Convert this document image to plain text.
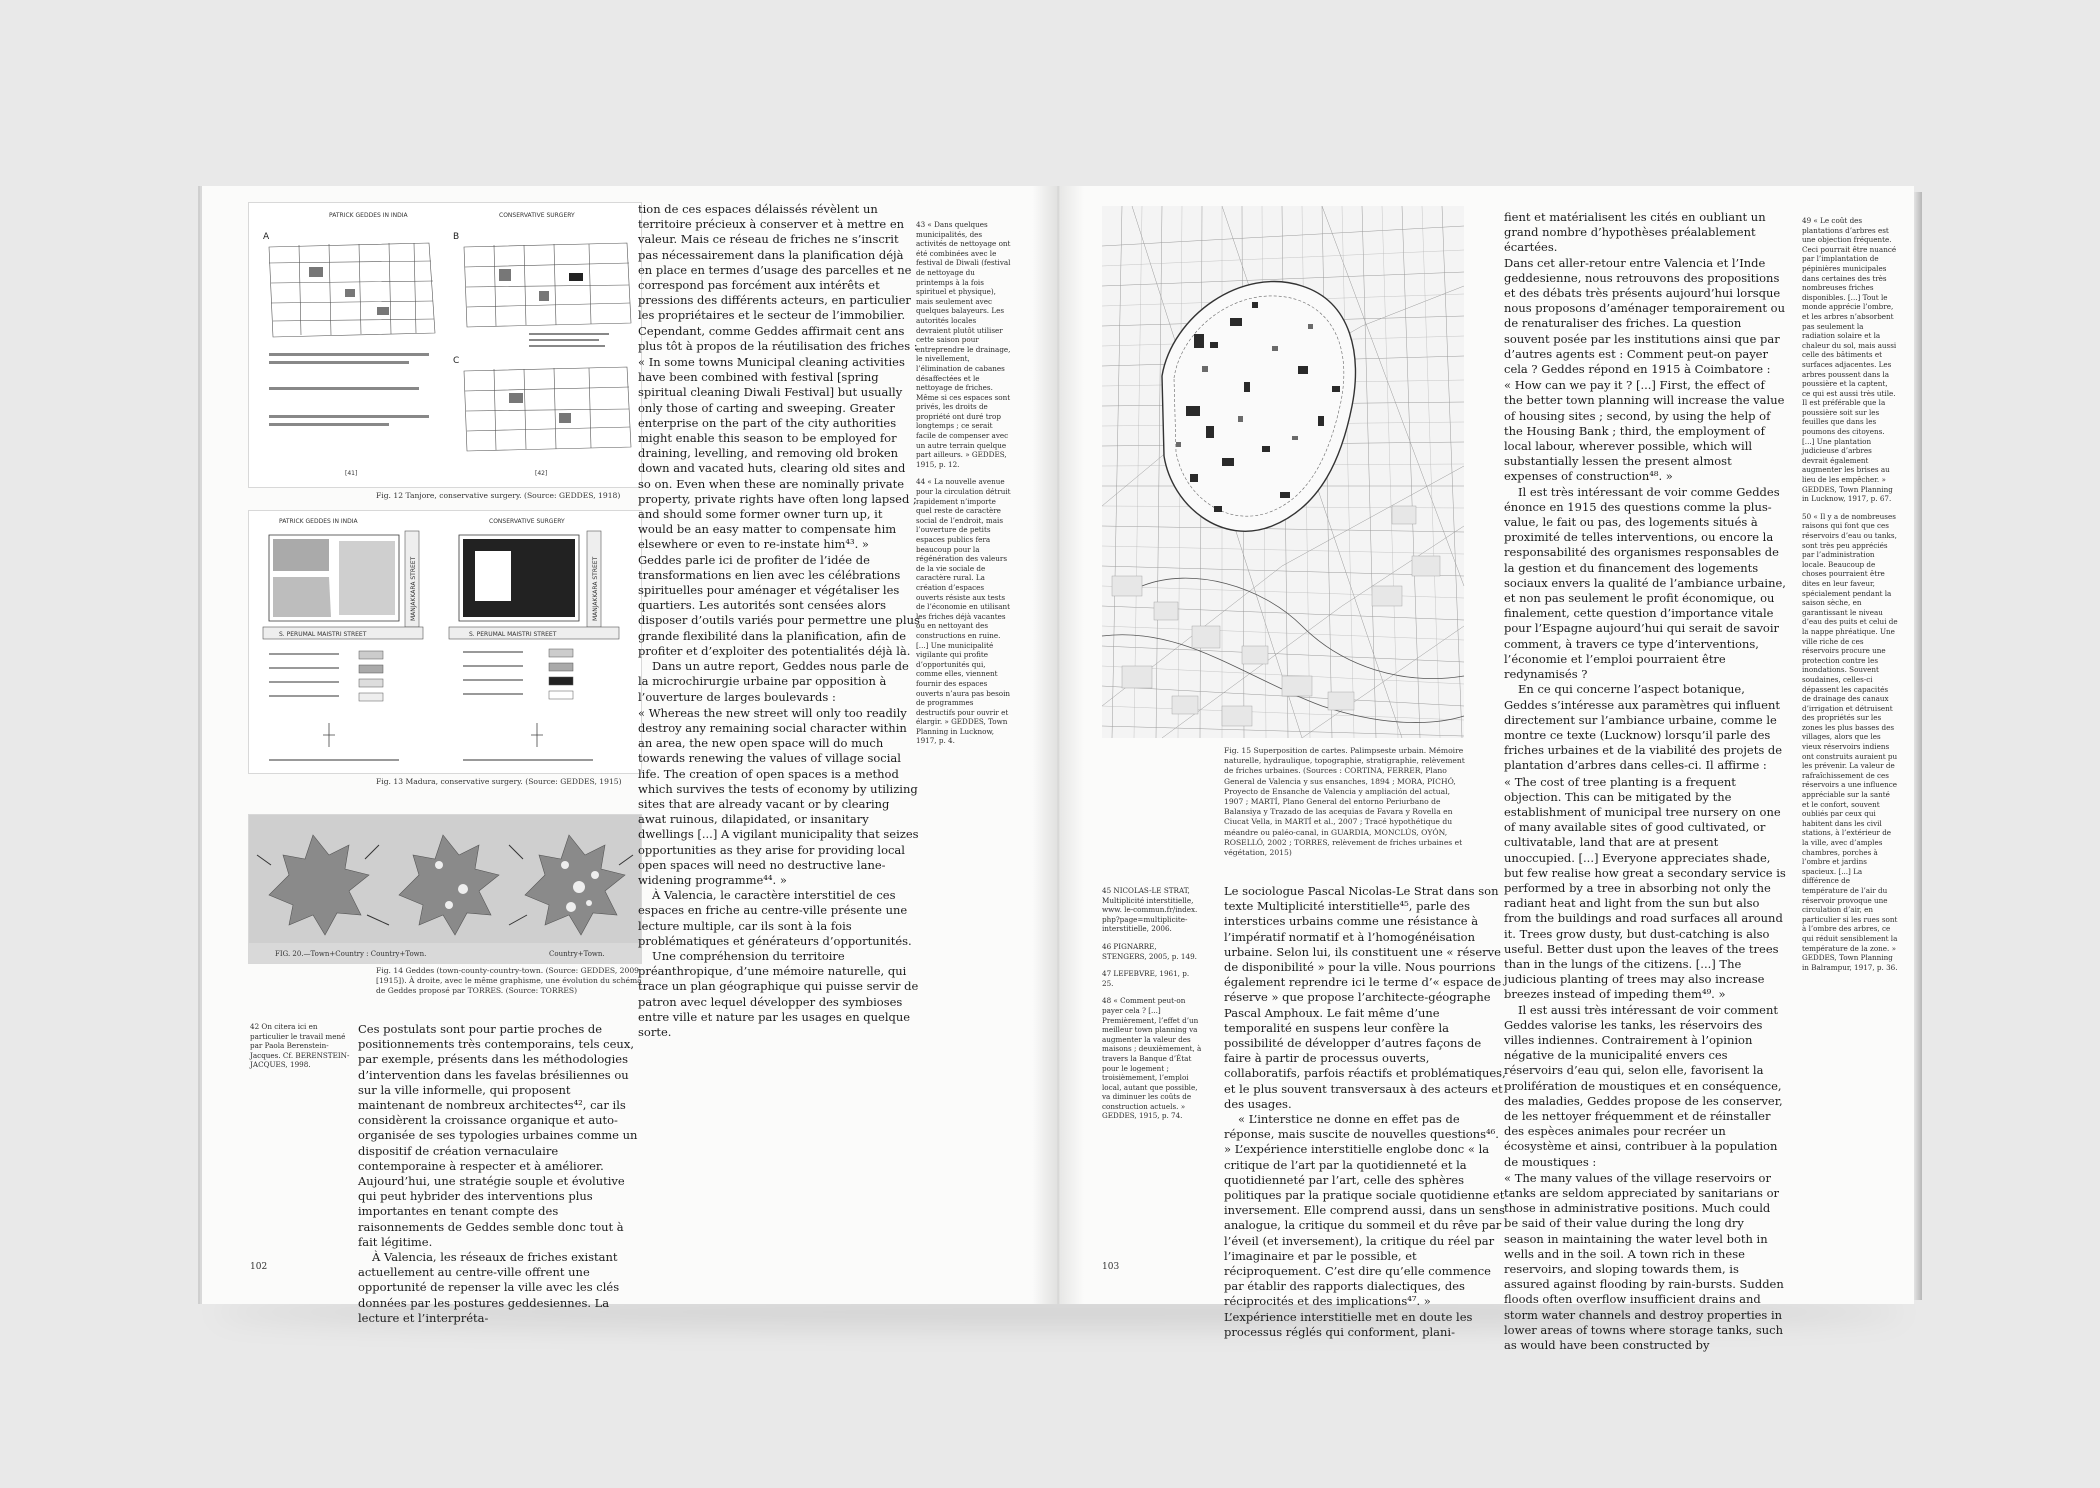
PATRICK GEDDES IN INDIA	CONSERVATIVE SURGERY
A	B
C
[41]	[42]
Fig. 12 Tanjore, conservative surgery. (Source: GEDDES, 1918)
PATRICK GEDDES IN INDIA	CONSERVATIVE SURGERY
MANJAKKARA STREET	MANJAKKARA STREET
S. PERUMAL MAISTRI STREET	S. PERUMAL MAISTRI STREET
Fig. 13 Madura, conservative surgery. (Source: GEDDES, 1915)
FIG. 20.—Town+Country : Country+Town.	Country+Town.
Fig. 14 Geddes (town-county-country-town. (Source: GEDDES, 2009 [1915]). À droite, avec le même graphisme, une évolution du schéma de Geddes proposé par TORRES. (Source: TORRES)

42 On citera ici en particulier le travail mené par Paola Berenstein-Jacques. Cf. BERENSTEIN-JACQUES, 1998.

Ces postulats sont pour partie proches de positionnements très contemporains, tels ceux, par exemple, présents dans les méthodologies d’intervention dans les favelas brésiliennes ou sur la ville informelle, qui proposent maintenant de nombreux architectes⁴², car ils considèrent la croissance organique et auto-organisée de ses typologies urbaines comme un dispositif de création vernaculaire contemporaine à respecter et à améliorer. Aujourd’hui, une stratégie souple et évolutive qui peut hybrider des interventions plus importantes en tenant compte des raisonnements de Geddes semble donc tout à fait légitime.

À Valencia, les réseaux de friches existant actuellement au centre-ville offrent une opportunité de repenser la ville avec les clés données par les postures geddesiennes. La lecture et l’interpréta-

tion de ces espaces délaissés révèlent un territoire précieux à conserver et à mettre en valeur. Mais ce réseau de friches ne s’inscrit pas nécessairement dans la planification déjà en place en termes d’usage des parcelles et ne correspond pas forcément aux intérêts et pressions des différents acteurs, en particulier les propriétaires et le secteur de l’immobilier. Cependant, comme Geddes affirmait cent ans plus tôt à propos de la réutilisation des friches :

« In some towns Municipal cleaning activities have been combined with festival [spring spiritual cleaning Diwali Festival] but usually only those of carting and sweeping. Greater enterprise on the part of the city authorities might enable this season to be employed for draining, levelling, and removing old broken down and vacated huts, clearing old sites and so on. Even when these are nominally private property, private rights have often long lapsed ; and should some former owner turn up, it would be an easy matter to compensate him elsewhere or even to re-instate him⁴³. »

Geddes parle ici de profiter de l’idée de transformations en lien avec les célébrations spirituelles pour aménager et végétaliser les quartiers. Les autorités sont censées alors disposer d’outils variés pour permettre une plus grande flexibilité dans la planification, afin de profiter et d’exploiter des potentialités déjà là.

Dans un autre report, Geddes nous parle de la microchirurgie urbaine par opposition à l’ouverture de larges boulevards :

« Whereas the new street will only too readily destroy any remaining social character within an area, the new open space will do much towards renewing the values of village social life. The creation of open spaces is a method which survives the tests of economy by utilizing sites that are already vacant or by clearing awat ruinous, dilapidated, or insanitary dwellings [...] A vigilant municipality that seizes opportunities as they arise for providing local open spaces will need no destructive lane-widening programme⁴⁴. »

À Valencia, le caractère interstitiel de ces espaces en friche au centre-ville présente une lecture multiple, car ils sont à la fois problématiques et générateurs d’opportunités.

Une compréhension du territoire préanthropique, d’une mémoire naturelle, qui trace un plan géographique qui puisse servir de patron avec lequel développer des symbioses entre ville et nature par les usages en quelque sorte.

43 « Dans quelques municipalités, des activités de nettoyage ont été combinées avec le festival de Diwali (festival de nettoyage du printemps à la fois spirituel et physique), mais seulement avec quelques balayeurs. Les autorités locales devraient plutôt utiliser cette saison pour entreprendre le drainage, le nivellement, l’élimination de cabanes désaffectées et le nettoyage de friches. Même si ces espaces sont privés, les droits de propriété ont duré trop longtemps ; ce serait facile de compenser avec un autre terrain quelque part ailleurs. » GEDDES, 1915, p. 12.

44 « La nouvelle avenue pour la circulation détruit rapidement n’importe quel reste de caractère social de l’endroit, mais l’ouverture de petits espaces publics fera beaucoup pour la régénération des valeurs de la vie sociale de caractère rural. La création d’espaces ouverts résiste aux tests de l’économie en utilisant les friches déjà vacantes ou en nettoyant des constructions en ruine. [...] Une municipalité vigilante qui profite d’opportunités qui, comme elles, viennent fournir des espaces ouverts n’aura pas besoin de programmes destructifs pour ouvrir et élargir. » GEDDES, Town Planning in Lucknow, 1917, p. 4.

102
Fig. 15 Superposition de cartes. Palimpseste urbain. Mémoire naturelle, hydraulique, topographie, stratigraphie, relèvement de friches urbaines. (Sources : CORTINA, FERRER, Plano General de Valencia y sus ensanches, 1894 ; MORA, PICHÓ, Proyecto de Ensanche de Valencia y ampliación del actual, 1907 ; MARTÍ, Plano General del entorno Periurbano de Balansiya y Trazado de las acequias de Favara y Rovella en Ciucat Vella, in MARTÍ et al., 2007 ; Tracé hypothétique du méandre ou paléo-canal, in GUARDIA, MONCLÚS, OYÓN, ROSELLÓ, 2002 ; TORRES, relèvement de friches urbaines et végétation, 2015)

45 NICOLAS-LE STRAT, Multiplicité interstitielle, www. le-commun.fr/index. php?page=multiplicite-interstitielle, 2006.

46 PIGNARRE, STENGERS, 2005, p. 149.

47 LEFEBVRE, 1961, p. 25.

48 « Comment peut-on payer cela ? [...] Premièrement, l’effet d’un meilleur town planning va augmenter la valeur des maisons ; deuxièmement, à travers la Banque d’État pour le logement ; troisièmement, l’emploi local, autant que possible, va diminuer les coûts de construction actuels. » GEDDES, 1915, p. 74.

Le sociologue Pascal Nicolas-Le Strat dans son texte Multiplicité interstitielle⁴⁵, parle des interstices urbains comme une résistance à l’impératif normatif et à l’homogénéisation urbaine. Selon lui, ils constituent une « réserve de disponibilité » pour la ville. Nous pourrions également reprendre ici le terme d’« espace de réserve » que propose l’architecte-géographe Pascal Amphoux. Le fait même d’une temporalité en suspens leur confère la possibilité de développer d’autres façons de faire à partir de processus ouverts, collaboratifs, parfois réactifs et problématiques, et le plus souvent transversaux à des acteurs et des usages.

« L’interstice ne donne en effet pas de réponse, mais suscite de nouvelles questions⁴⁶. » L’expérience interstitielle englobe donc « la critique de l’art par la quotidienneté et la quotidienneté par l’art, celle des sphères politiques par la pratique sociale quotidienne et inversement. Elle comprend aussi, dans un sens analogue, la critique du sommeil et du rêve par l’éveil (et inversement), la critique du réel par l’imaginaire et par le possible, et réciproquement. C’est dire qu’elle commence par établir des rapports dialectiques, des réciprocités et des implications⁴⁷. » L’expérience interstitielle met en doute les processus réglés qui conforment, plani-

fient et matérialisent les cités en oubliant un grand nombre d’hypothèses préalablement écartées.

Dans cet aller-retour entre Valencia et l’Inde geddesienne, nous retrouvons des propositions et des débats très présents aujourd’hui lorsque nous proposons d’aménager temporairement ou de renaturaliser des friches. La question souvent posée par les institutions ainsi que par d’autres agents est : Comment peut-on payer cela ? Geddes répond en 1915 à Coimbatore :

« How can we pay it ? [...] First, the effect of the better town planning will increase the value of housing sites ; second, by using the help of the Housing Bank ; third, the employment of local labour, wherever possible, which will substantially lessen the present almost expenses of construction⁴⁸. »

Il est très intéressant de voir comme Geddes énonce en 1915 des questions comme la plus-value, le fait ou pas, des logements situés à proximité de telles interventions, ou encore la responsabilité des organismes responsables de la gestion et du financement des logements sociaux envers la qualité de l’ambiance urbaine, et non pas seulement le profit économique, ou finalement, cette question d’importance vitale pour l’Espagne aujourd’hui qui serait de savoir comment, à travers ce type d’interventions, l’économie et l’emploi pourraient être redynamisés ?

En ce qui concerne l’aspect botanique, Geddes s’intéresse aux paramètres qui influent directement sur l’ambiance urbaine, comme le montre ce texte (Lucknow) lorsqu’il parle des friches urbaines et de la viabilité des projets de plantation d’arbres dans celles-ci. Il affirme :

« The cost of tree planting is a frequent objection. This can be mitigated by the establishment of municipal tree nursery on one of many available sites of good cultivated, or cultivatable, land that are at present unoccupied. [...] Everyone appreciates shade, but few realise how great a secondary service is performed by a tree in absorbing not only the radiant heat and light from the sun but also from the buildings and road surfaces all around it. Trees grow dusty, but dust-catching is also useful. Better dust upon the leaves of the trees than in the lungs of the citizens. [...] The judicious planting of trees may also increase breezes instead of impeding them⁴⁹. »

Il est aussi très intéressant de voir comment Geddes valorise les tanks, les réservoirs des villes indiennes. Contrairement à l’opinion négative de la municipalité envers ces réservoirs d’eau qui, selon elle, favorisent la prolifération de moustiques et en conséquence, des maladies, Geddes propose de les conserver, de les nettoyer fréquemment et de réinstaller des espèces animales pour recréer un écosystème et ainsi, contribuer à la population de moustiques :

« The many values of the village reservoirs or tanks are seldom appreciated by sanitarians or those in administrative positions. Much could be said of their value during the long dry season in maintaining the water level both in wells and in the soil. A town rich in these reservoirs, and sloping towards them, is assured against flooding by rain-bursts. Sudden floods often overflow insufficient drains and storm water channels and destroy properties in lower areas of towns where storage tanks, such as would have been constructed by

49 « Le coût des plantations d’arbres est une objection fréquente. Ceci pourrait être nuancé par l’implantation de pépinières municipales dans certaines des très nombreuses friches disponibles. [...] Tout le monde apprécie l’ombre, et les arbres n’absorbent pas seulement la radiation solaire et la chaleur du sol, mais aussi celle des bâtiments et surfaces adjacentes. Les arbres poussent dans la poussière et la captent, ce qui est aussi très utile. Il est préférable que la poussière soit sur les feuilles que dans les poumons des citoyens. [...] Une plantation judicieuse d’arbres devrait également augmenter les brises au lieu de les empêcher. » GEDDES, Town Planning in Lucknow, 1917, p. 67.

50 « Il y a de nombreuses raisons qui font que ces réservoirs d’eau ou tanks, sont très peu appréciés par l’administration locale. Beaucoup de choses pourraient être dites en leur faveur, spécialement pendant la saison sèche, en garantissant le niveau d’eau des puits et celui de la nappe phréatique. Une ville riche de ces réservoirs procure une protection contre les inondations. Souvent soudaines, celles-ci dépassent les capacités de drainage des canaux d’irrigation et détruisent des propriétés sur les zones les plus basses des villages, alors que les vieux réservoirs indiens ont construits auraient pu les prévenir. La valeur de rafraîchissement de ces réservoirs a une influence appréciable sur la santé et le confort, souvent oubliés par ceux qui habitent dans les civil stations, à l’extérieur de la ville, avec d’amples chambres, porches à l’ombre et jardins spacieux. [...] La différence de température de l’air du réservoir provoque une circulation d’air, en particulier si les rues sont à l’ombre des arbres, ce qui réduit sensiblement la température de la zone. » GEDDES, Town Planning in Balrampur, 1917, p. 36.

103
